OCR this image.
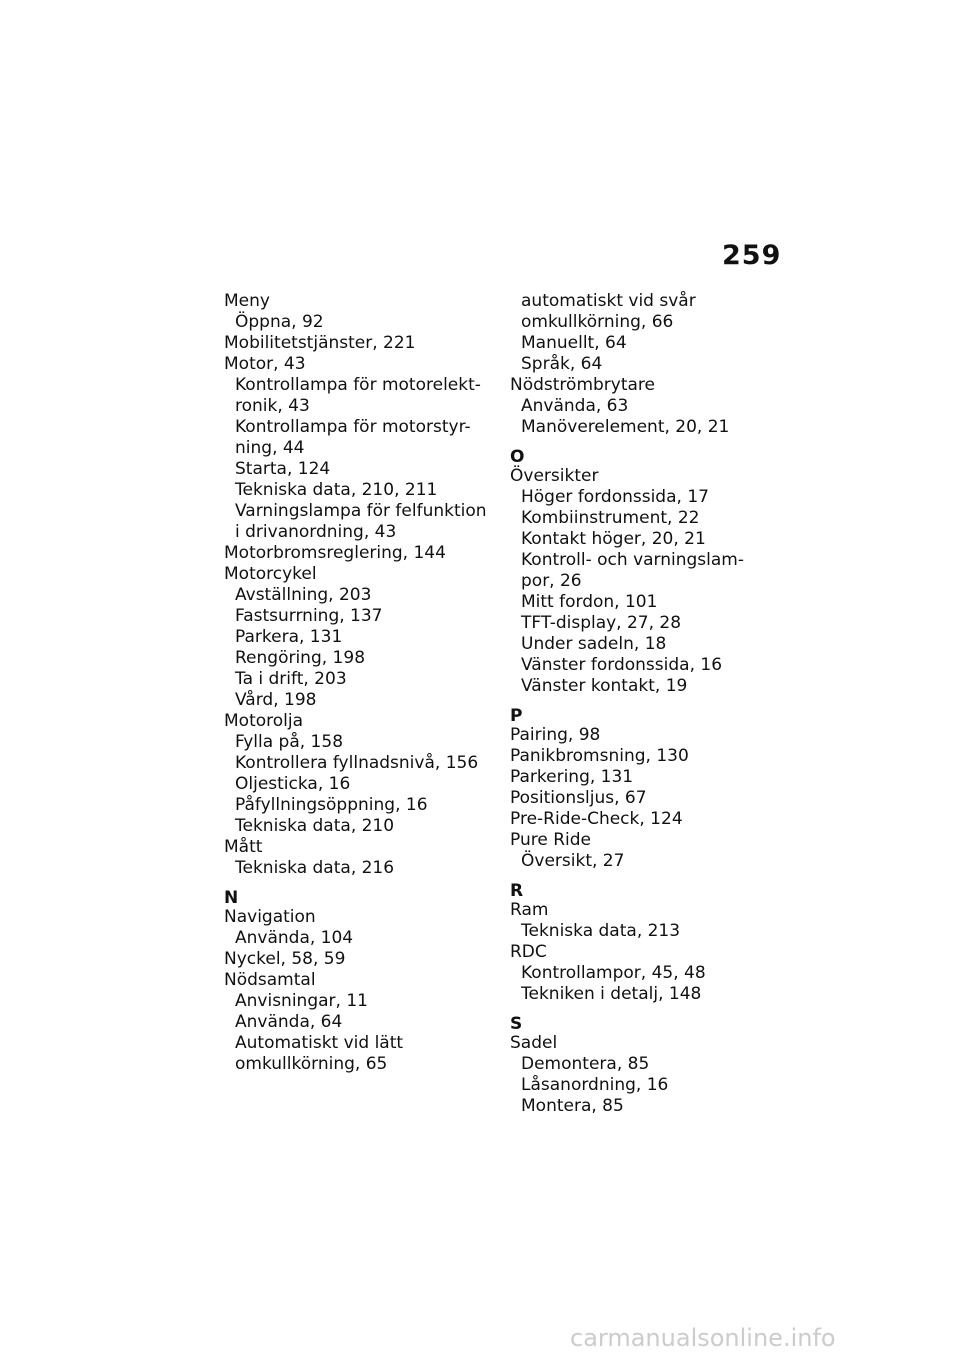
259
Meny
Öppna, 92
Mobilitetstjänster, 221
Motor, 43
Kontrollampa för motorelekt-
ronik, 43
Kontrollampa för motorstyr-
ning, 44
Starta, 124
Tekniska data, 210, 211
Varningslampa för felfunktion
i drivanordning, 43
Motorbromsreglering, 144
Motorcykel
Avställning, 203
Fastsurrning, 137
Parkera, 131
Rengöring, 198
Ta i drift, 203
Vård, 198
Motorolja
Fylla på, 158
Kontrollera fyllnadsnivå, 156
Oljesticka, 16
Påfyllningsöppning, 16
Tekniska data, 210
Mått
Tekniska data, 216
N
Navigation
Använda, 104
Nyckel, 58, 59
Nödsamtal
Anvisningar, 11
Använda, 64
Automatiskt vid lätt
omkullkörning, 65
automatiskt vid svår
omkullkörning, 66
Manuellt, 64
Språk, 64
Nödströmbrytare
Använda, 63
Manöverelement, 20, 21
O
Översikter
Höger fordonssida, 17
Kombiinstrument, 22
Kontakt höger, 20, 21
Kontroll- och varningslam-
por, 26
Mitt fordon, 101
TFT-display, 27, 28
Under sadeln, 18
Vänster fordonssida, 16
Vänster kontakt, 19
P
Pairing, 98
Panikbromsning, 130
Parkering, 131
Positionsljus, 67
Pre-Ride-Check, 124
Pure Ride
Översikt, 27
R
Ram
Tekniska data, 213
RDC
Kontrollampor, 45, 48
Tekniken i detalj, 148
S
Sadel
Demontera, 85
Låsanordning, 16
Montera, 85
carmanualsonline.info
